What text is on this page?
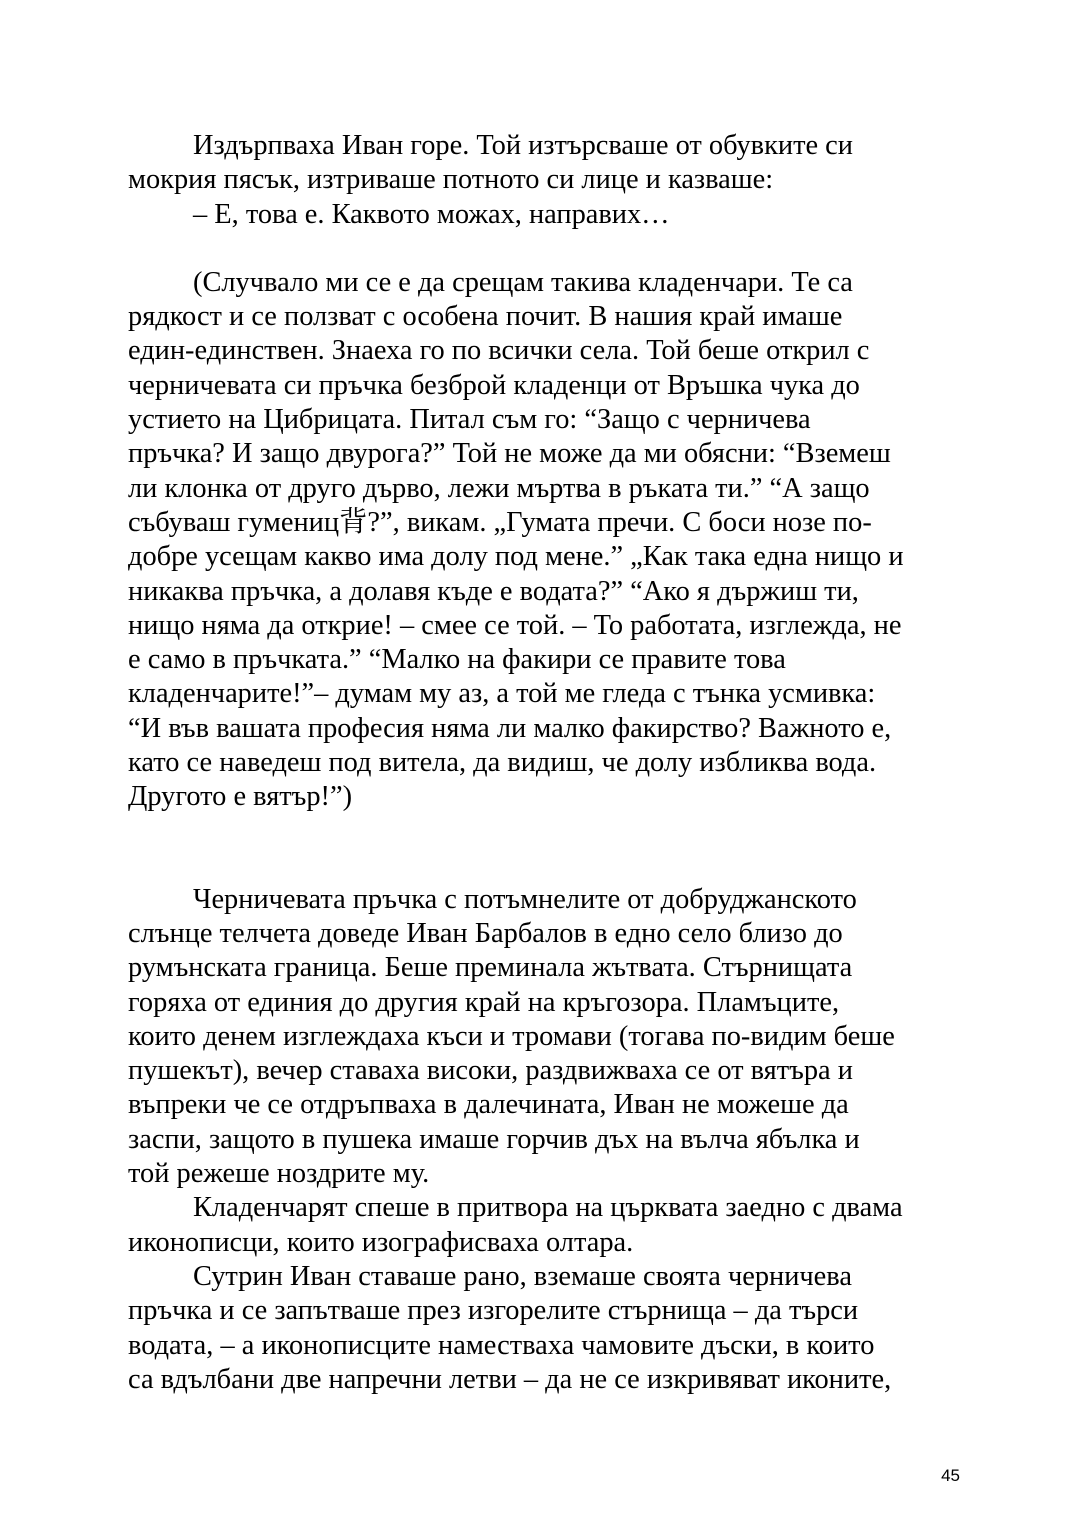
Издърпваха Иван горе. Той изтърсваше от обувките си
мокрия пясък, изтриваше потното си лице и казваше:
– Е, това е. Каквото можах, направих…
(Случвало ми се е да срещам такива кладенчари. Те са
рядкост и се ползват с особена почит. В нашия край имаше
един-единствен. Знаеха го по всички села. Той беше открил с
черничевата си пръчка безброй кладенци от Връшка чука до
устието на Цибрицата. Питал съм го: “Защо с черничева
пръчка? И защо двурога?” Той не може да ми обясни: “Вземеш
ли клонка от друго дърво, лежи мъртва в ръката ти.” “А защо
събуваш гумениц背?”, викам. „Гумата пречи. С боси нозе по-
добре усещам какво има долу под мене.” „Как така една нищо и
никаква пръчка, а долавя къде е водата?” “Ако я държиш ти,
нищо няма да открие! – смее се той. – То работата, изглежда, не
е само в пръчката.” “Малко на факири се правите това
кладенчарите!”– думам му аз, а той ме гледа с тънка усмивка:
“И във вашата професия няма ли малко факирство? Важното е,
като се наведеш под витела, да видиш, че долу избликва вода.
Другото е вятър!”)
Черничевата пръчка с потъмнелите от добруджанското
слънце телчета доведе Иван Барбалов в едно село близо до
румънската граница. Беше преминала жътвата. Стърнищата
горяха от единия до другия край на кръгозора. Пламъците,
които денем изглеждаха къси и тромави (тогава по-видим беше
пушекът), вечер ставаха високи, раздвижваха се от вятъра и
въпреки че се отдръпваха в далечината, Иван не можеше да
заспи, защото в пушека имаше горчив дъх на вълча ябълка и
той режеше ноздрите му.
Кладенчарят спеше в притвора на църквата заедно с двама
иконописци, които изографисваха олтара.
Сутрин Иван ставаше рано, вземаше своята черничева
пръчка и се запътваше през изгорелите стърнища – да търси
водата, – а иконописците наместваха чамовите дъски, в които
са вдълбани две напречни летви – да не се изкривяват иконите,
45
